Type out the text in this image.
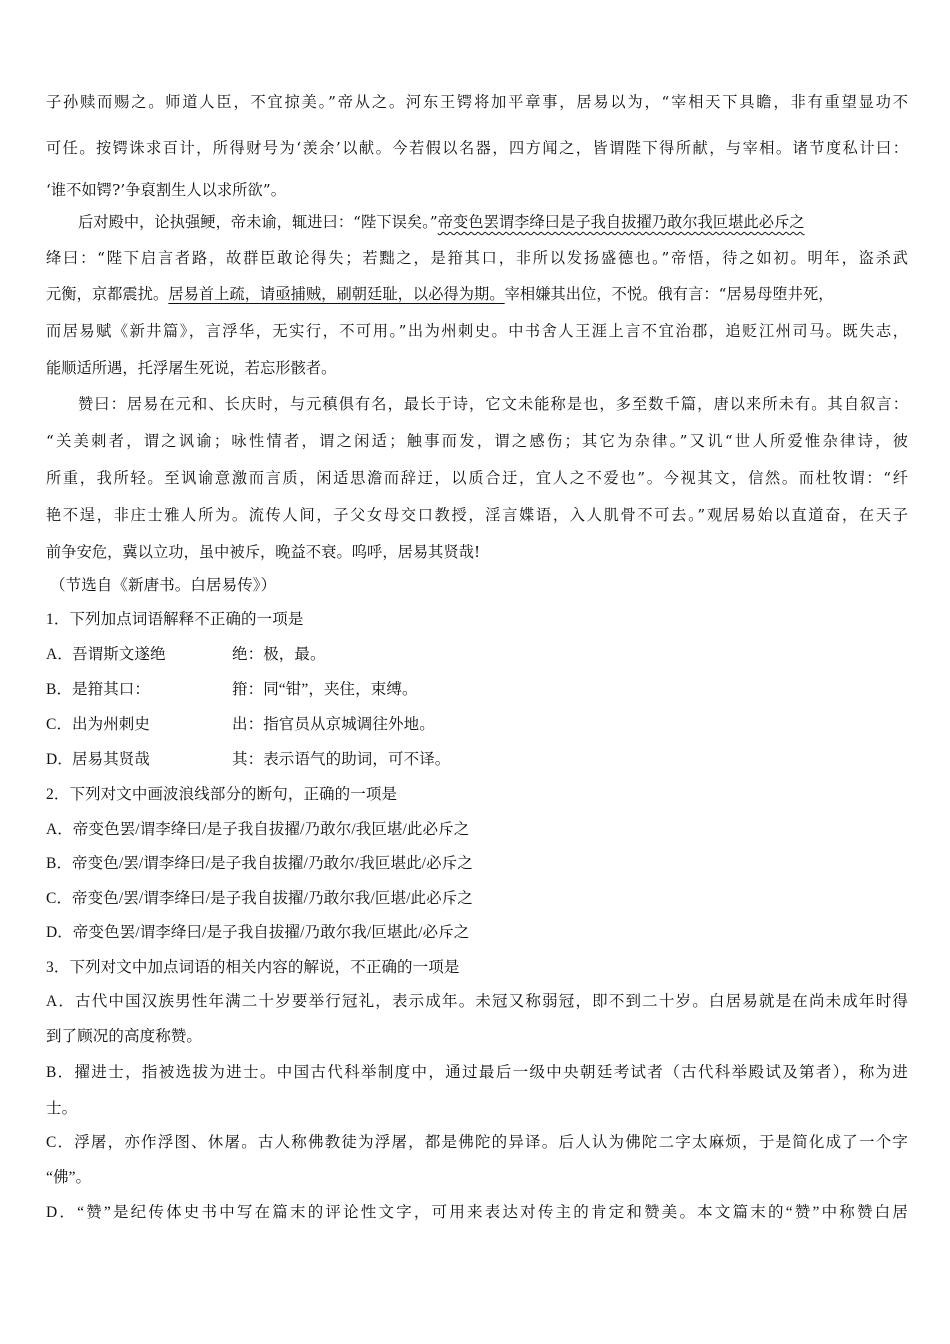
子孙赎而赐之。师道人臣，不宜掠美。”帝从之。河东王锷将加平章事，居易以为，“宰相天下具瞻，非有重望显功不
可任。按锷诛求百计，所得财号为‘羡余’以献。今若假以名器，四方闻之，皆谓陛下得所献，与宰相。诸节度私计曰：
‘谁不如锷?’争裒割生人以求所欲”。
后对殿中，论执强鲠，帝未谕，辄进曰：“陛下误矣。”帝变色罢谓李绛曰是子我自拔擢乃敢尔我叵堪此必斥之
绛曰：“陛下启言者路，故群臣敢论得失；若黜之，是箝其口，非所以发扬盛德也。”帝悟，待之如初。明年，盗杀武
元衡，京都震扰。居易首上疏，请亟捕贼，刷朝廷耻，以必得为期。宰相嫌其出位，不悦。俄有言：“居易母堕井死，
而居易赋《新井篇》，言浮华，无实行，不可用。”出为州刺史。中书舍人王涯上言不宜治郡，追贬江州司马。既失志，
能顺适所遇，托浮屠生死说，若忘形骸者。
赞曰：居易在元和、长庆时，与元稹俱有名，最长于诗，它文未能称是也，多至数千篇，唐以来所未有。其自叙言：
“关美刺者，谓之讽谕；咏性情者，谓之闲适；触事而发，谓之感伤；其它为杂律。”又讥“世人所爱惟杂律诗，彼
所重，我所轻。至讽谕意激而言质，闲适思澹而辞迂，以质合迂，宜人之不爱也”。今视其文，信然。而杜牧谓：“纤
艳不逞，非庄士雅人所为。流传人间，子父女母交口教授，淫言媟语，入人肌骨不可去。”观居易始以直道奋，在天子
前争安危，冀以立功，虽中被斥，晚益不衰。呜呼，居易其贤哉!
（节选自《新唐书。白居易传》）
1．下列加点词语解释不正确的一项是
A．吾谓斯文遂绝	绝：极，最。
B．是箝其口：	箝：同“钳”，夹住，束缚。
C．出为州刺史	出：指官员从京城调往外地。
D．居易其贤哉	其：表示语气的助词，可不译。
2．下列对文中画波浪线部分的断句，正确的一项是
A．帝变色罢/谓李绛曰/是子我自拔擢/乃敢尔/我叵堪/此必斥之
B．帝变色/罢/谓李绛曰/是子我自拔擢/乃敢尔/我叵堪此/必斥之
C．帝变色/罢/谓李绛曰/是子我自拔擢/乃敢尔我/叵堪/此必斥之
D．帝变色罢/谓李绛曰/是子我自拔擢/乃敢尔我/叵堪此/必斥之
3．下列对文中加点词语的相关内容的解说，不正确的一项是
A．古代中国汉族男性年满二十岁要举行冠礼，表示成年。未冠又称弱冠，即不到二十岁。白居易就是在尚未成年时得
到了顾况的高度称赞。
B．擢进士，指被选拔为进士。中国古代科举制度中，通过最后一级中央朝廷考试者（古代科举殿试及第者），称为进
士。
C．浮屠，亦作浮图、休屠。古人称佛教徒为浮屠，都是佛陀的异译。后人认为佛陀二字太麻烦，于是简化成了一个字
“佛”。
D．“赞”是纪传体史书中写在篇末的评论性文字，可用来表达对传主的肯定和赞美。本文篇末的“赞”中称赞白居
